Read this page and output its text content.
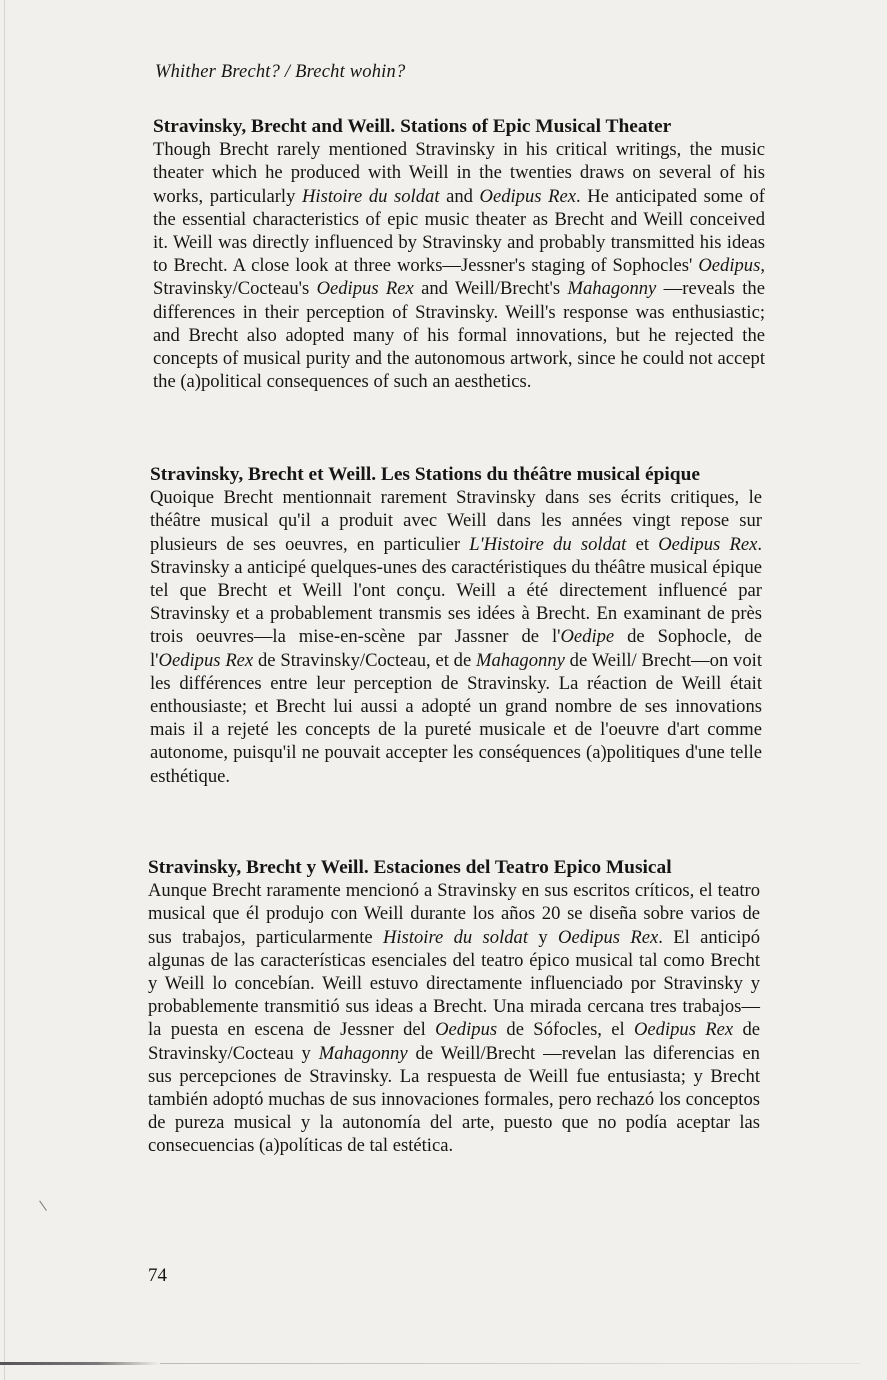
Whither Brecht? / Brecht wohin?
Stravinsky, Brecht and Weill. Stations of Epic Musical Theater

Though Brecht rarely mentioned Stravinsky in his critical writings, the music theater which he produced with Weill in the twenties draws on several of his works, particularly Histoire du soldat and Oedipus Rex. He anticipated some of the essential characteristics of epic music theater as Brecht and Weill conceived it. Weill was directly influenced by Stravinsky and probably transmitted his ideas to Brecht. A close look at three works—Jessner's staging of Sophocles' Oedipus, Stravinsky/Cocteau's Oedipus Rex and Weill/Brecht's Mahagonny —reveals the differences in their perception of Stravinsky. Weill's response was enthusiastic; and Brecht also adopted many of his formal innovations, but he rejected the concepts of musical purity and the autonomous artwork, since he could not accept the (a)political consequences of such an aesthetics.

Stravinsky, Brecht et Weill. Les Stations du théâtre musical épique

Quoique Brecht mentionnait rarement Stravinsky dans ses écrits critiques, le théâtre musical qu'il a produit avec Weill dans les années vingt repose sur plusieurs de ses oeuvres, en particulier L'Histoire du soldat et Oedipus Rex. Stravinsky a anticipé quelques-unes des caractéristiques du théâtre musical épique tel que Brecht et Weill l'ont conçu. Weill a été directement influencé par Stravinsky et a probablement transmis ses idées à Brecht. En examinant de près trois oeuvres—la mise-en-scène par Jassner de l'Oedipe de Sophocle, de l'Oedipus Rex de Stravinsky/Cocteau, et de Mahagonny de Weill/ Brecht—on voit les différences entre leur perception de Stravinsky. La réaction de Weill était enthousiaste; et Brecht lui aussi a adopté un grand nombre de ses innovations mais il a rejeté les concepts de la pureté musicale et de l'oeuvre d'art comme autonome, puisqu'il ne pouvait accepter les conséquences (a)politiques d'une telle esthétique.

Stravinsky, Brecht y Weill. Estaciones del Teatro Epico Musical

Aunque Brecht raramente mencionó a Stravinsky en sus escritos críticos, el teatro musical que él produjo con Weill durante los años 20 se diseña sobre varios de sus trabajos, particularmente Histoire du soldat y Oedipus Rex. El anticipó algunas de las características esenciales del teatro épico musical tal como Brecht y Weill lo concebían. Weill estuvo directamente influenciado por Stravinsky y probablemente transmitió sus ideas a Brecht. Una mirada cercana tres trabajos—la puesta en escena de Jessner del Oedipus de Sófocles, el Oedipus Rex de Stravinsky/Cocteau y Mahagonny de Weill/Brecht —revelan las diferencias en sus percepciones de Stravinsky. La respuesta de Weill fue entusiasta; y Brecht también adoptó muchas de sus innovaciones formales, pero rechazó los conceptos de pureza musical y la autonomía del arte, puesto que no podía aceptar las consecuencias (a)políticas de tal estética.

74
